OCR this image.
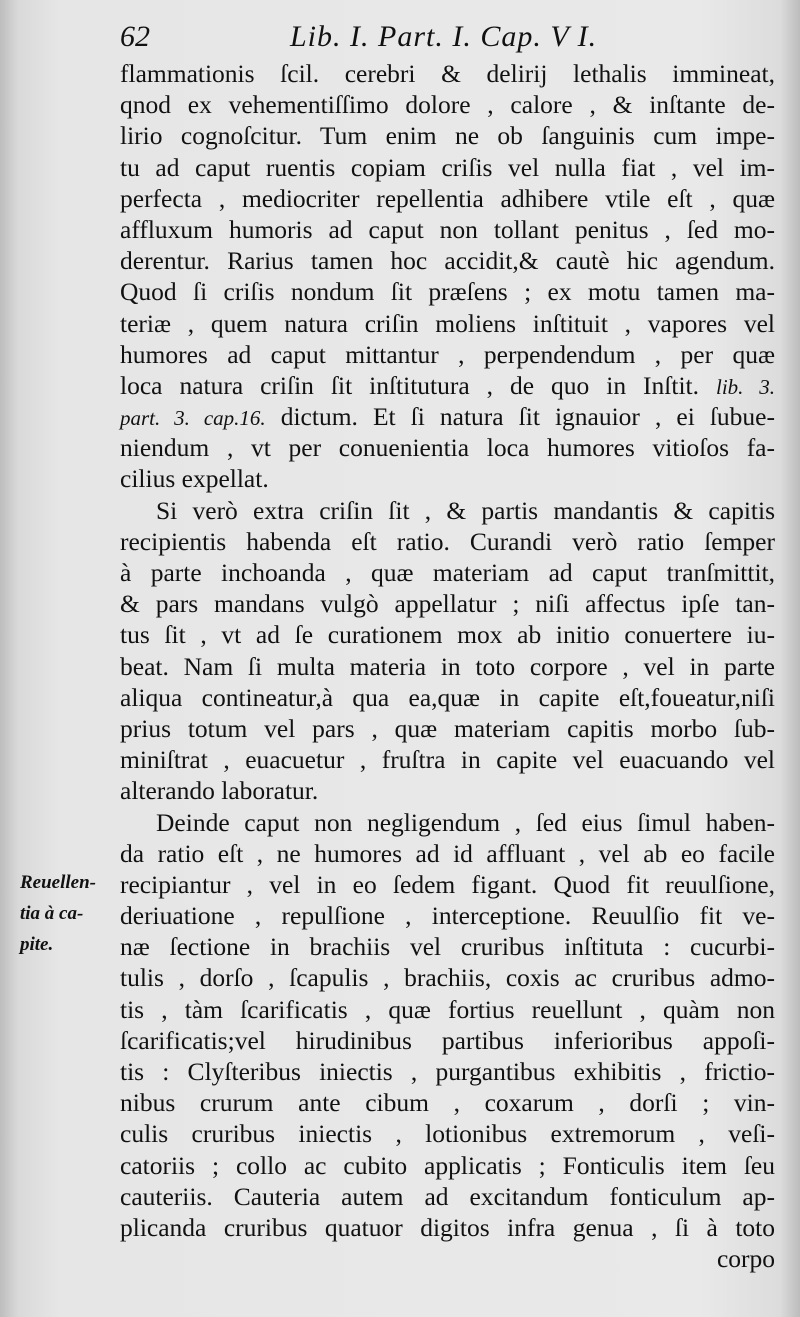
62	Lib. I. Part. I. Cap. V I.
Reuellen-
tia à ca-
pite.
flammationis ſcil. cerebri & delirij lethalis immineat,
qnod ex vehementiſſimo dolore , calore , & inſtante de-
lirio cognoſcitur. Tum enim ne ob ſanguinis cum impe-
tu ad caput ruentis copiam criſis vel nulla fiat , vel im-
perfecta , mediocriter repellentia adhibere vtile eſt , quæ
affluxum humoris ad caput non tollant penitus , ſed mo-
derentur. Rarius tamen hoc accidit,& cautè hic agendum.
Quod ſi criſis nondum ſit præſens ; ex motu tamen ma-
teriæ , quem natura criſin moliens inſtituit , vapores vel
humores ad caput mittantur , perpendendum , per quæ
loca natura criſin ſit inſtitutura , de quo in Inſtit. lib. 3.
part. 3. cap.16. dictum. Et ſi natura ſit ignauior , ei ſubue-
niendum , vt per conuenientia loca humores vitioſos fa-
cilius expellat.
Si verò extra criſin ſit , & partis mandantis & capitis
recipientis habenda eſt ratio. Curandi verò ratio ſemper
à parte inchoanda , quæ materiam ad caput tranſmittit,
& pars mandans vulgò appellatur ; niſi affectus ipſe tan-
tus ſit , vt ad ſe curationem mox ab initio conuertere iu-
beat. Nam ſi multa materia in toto corpore , vel in parte
aliqua contineatur,à qua ea,quæ in capite eſt,foueatur,niſi
prius totum vel pars , quæ materiam capitis morbo ſub-
miniſtrat , euacuetur , fruſtra in capite vel euacuando vel
alterando laboratur.
Deinde caput non negligendum , ſed eius ſimul haben-
da ratio eſt , ne humores ad id affluant , vel ab eo facile
recipiantur , vel in eo ſedem figant. Quod fit reuulſione,
deriuatione , repulſione , interceptione. Reuulſio fit ve-
næ ſectione in brachiis vel cruribus inſtituta : cucurbi-
tulis , dorſo , ſcapulis , brachiis, coxis ac cruribus admo-
tis , tàm ſcarificatis , quæ fortius reuellunt , quàm non
ſcarificatis;vel hirudinibus partibus inferioribus appoſi-
tis : Clyſteribus iniectis , purgantibus exhibitis , frictio-
nibus crurum ante cibum , coxarum , dorſi ; vin-
culis cruribus iniectis , lotionibus extremorum , veſi-
catoriis ; collo ac cubito applicatis ; Fonticulis item ſeu
cauteriis. Cauteria autem ad excitandum fonticulum ap-
plicanda cruribus quatuor digitos infra genua , ſi à toto
corpo
